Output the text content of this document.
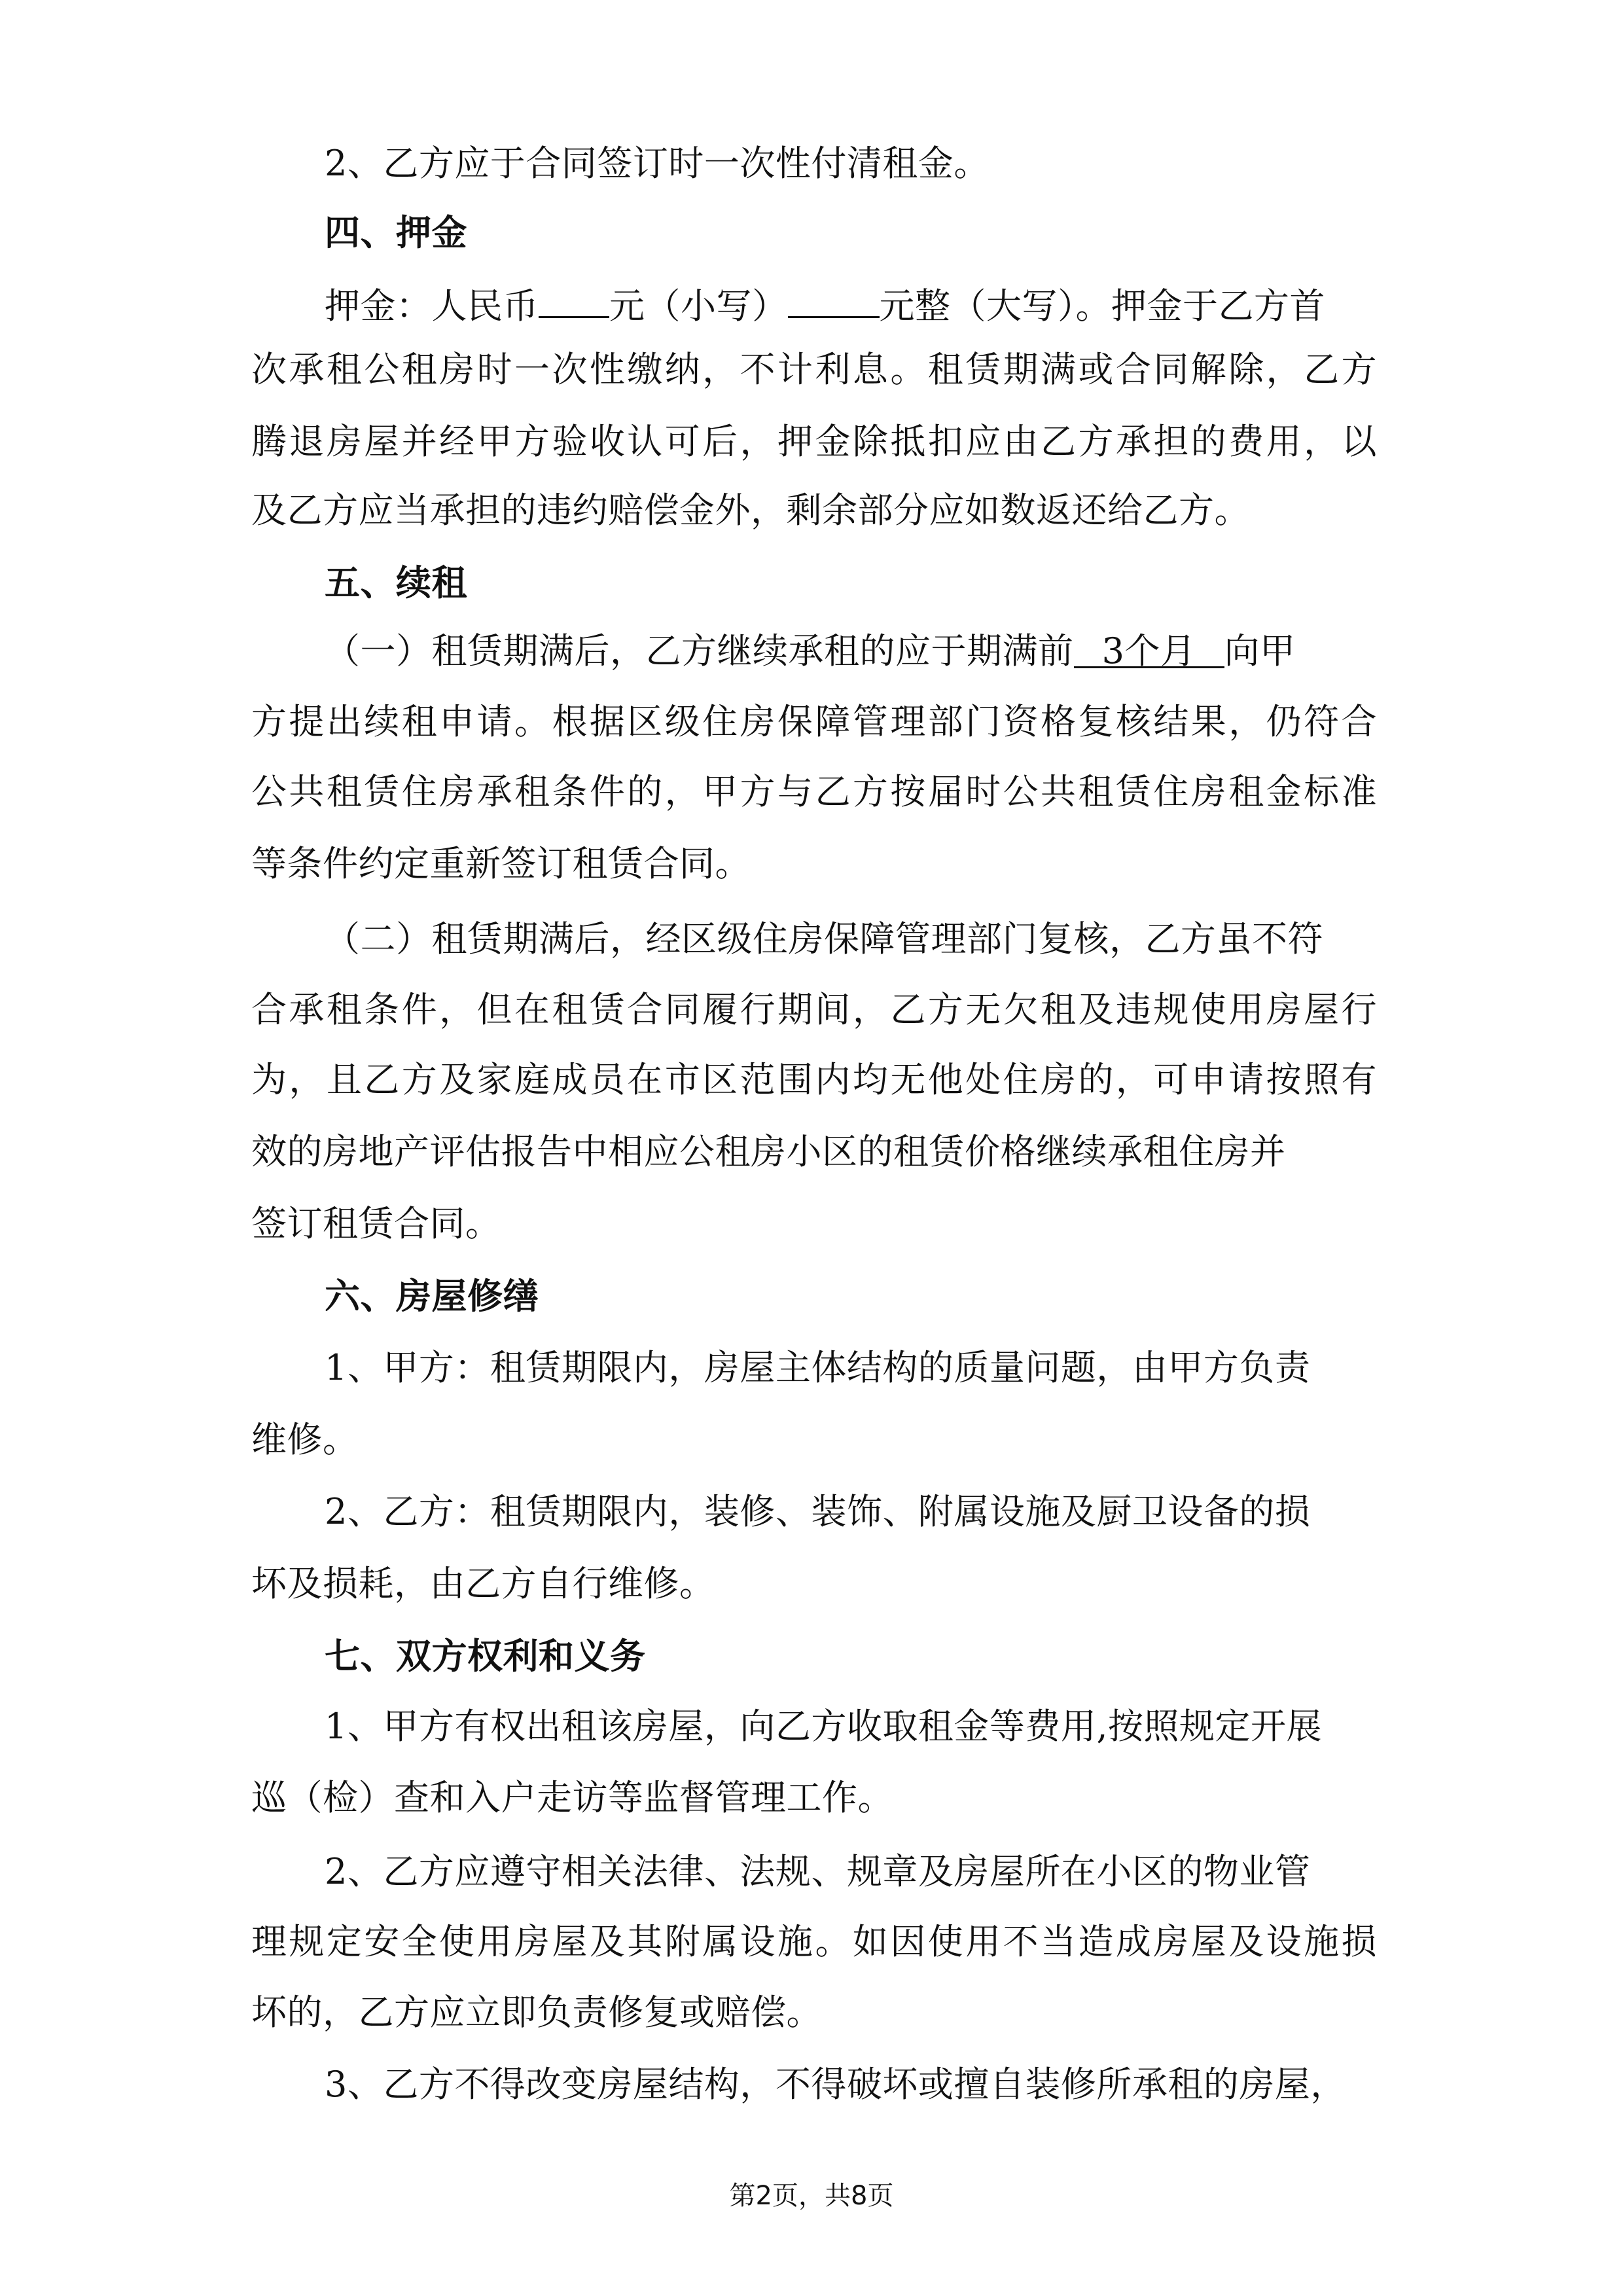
2、乙方应于合同签订时一次性付清租金。
四、押金
押金：人民币 元（小写）	元整（大写）。押金于乙方首
次承租公租房时一次性缴纳，不计利息。租赁期满或合同解除，乙方
腾退房屋并经甲方验收认可后，押金除抵扣应由乙方承担的费用，以
及乙方应当承担的违约赔偿金外，剩余部分应如数返还给乙方。
五、续租
（一）租赁期满后，乙方继续承租的应于期满前 3个月 向甲
方提出续租申请。根据区级住房保障管理部门资格复核结果，仍符合
公共租赁住房承租条件的，甲方与乙方按届时公共租赁住房租金标准
等条件约定重新签订租赁合同。
（二）租赁期满后，经区级住房保障管理部门复核，乙方虽不符
合承租条件，但在租赁合同履行期间，乙方无欠租及违规使用房屋行
为，且乙方及家庭成员在市区范围内均无他处住房的，可申请按照有
效的房地产评估报告中相应公租房小区的租赁价格继续承租住房并
签订租赁合同。
六、房屋修缮
1、甲方：租赁期限内，房屋主体结构的质量问题，由甲方负责
维修。
2、乙方：租赁期限内，装修、装饰、附属设施及厨卫设备的损
坏及损耗，由乙方自行维修。
七、双方权利和义务
1、甲方有权出租该房屋，向乙方收取租金等费用,按照规定开展
巡（检）查和入户走访等监督管理工作。
2、乙方应遵守相关法律、法规、规章及房屋所在小区的物业管
理规定安全使用房屋及其附属设施。如因使用不当造成房屋及设施损
坏的，乙方应立即负责修复或赔偿。
3、乙方不得改变房屋结构，不得破坏或擅自装修所承租的房屋，
第2页，共8页
